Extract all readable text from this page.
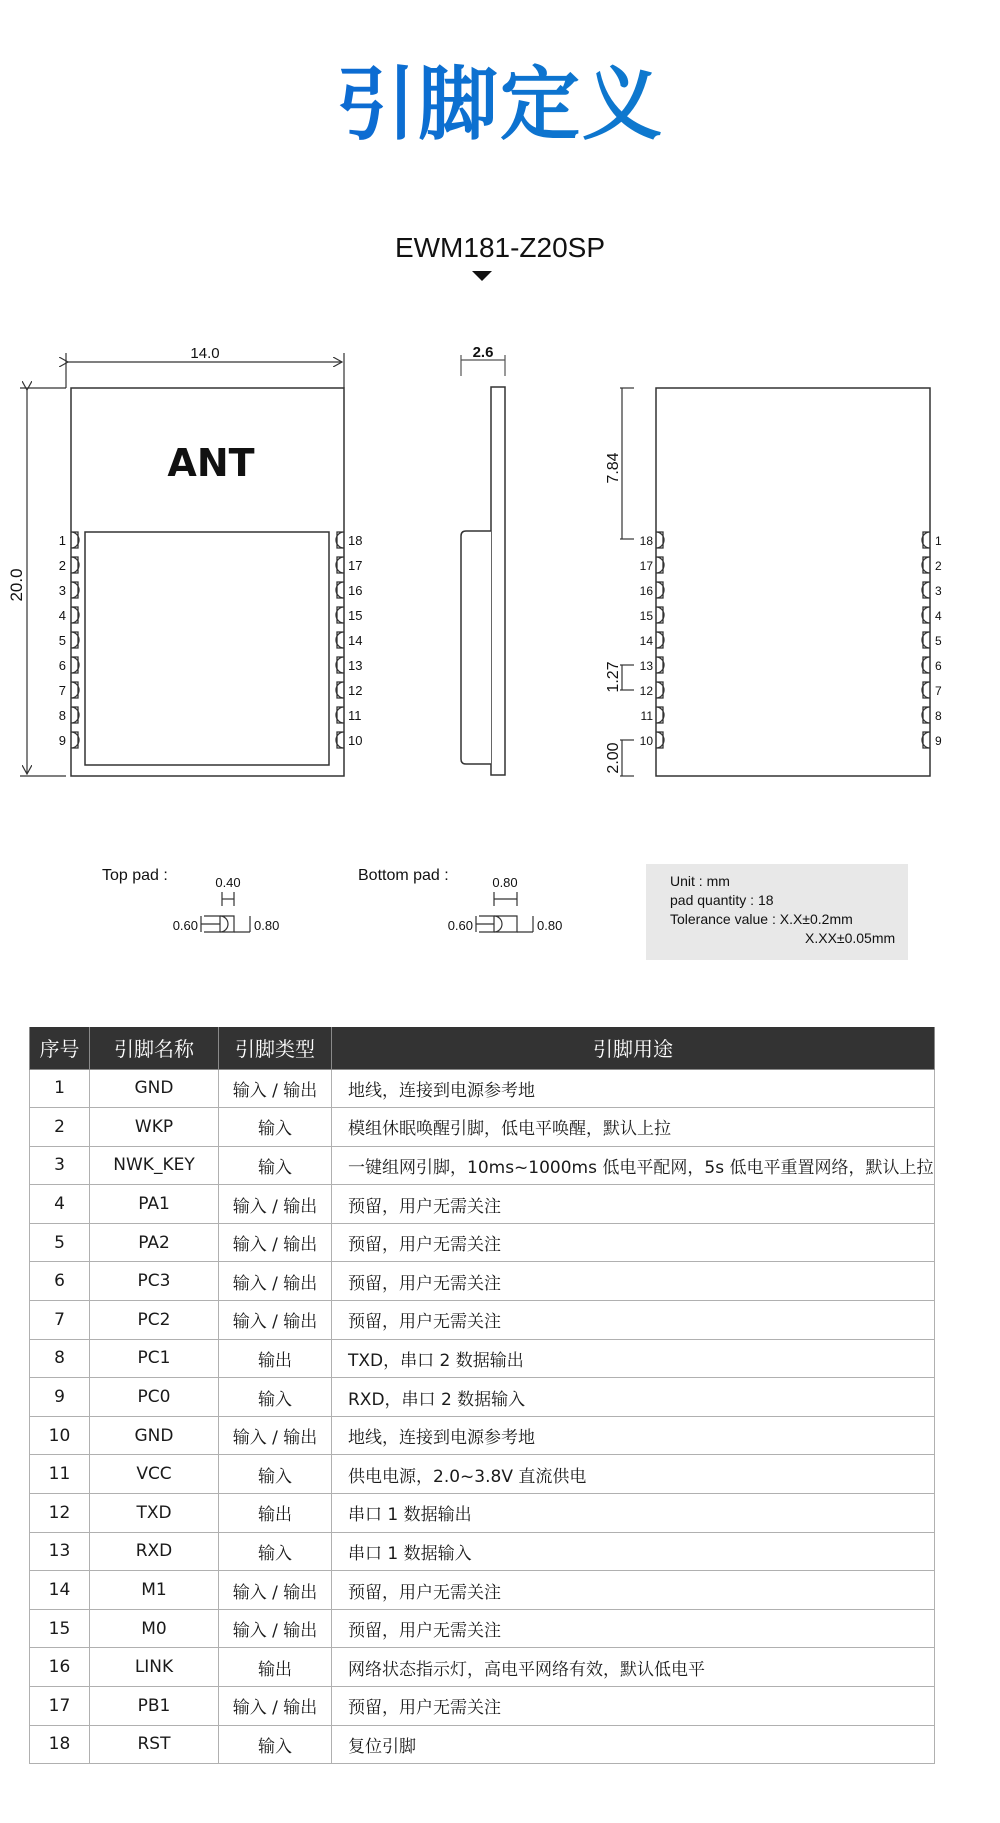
引脚定义
EWM181-Z20SP
14.0
20.0
ANT
1
2
3
4
5
6
7
8
9
18
17
16
15
14
13
12
11
10
2.6
7.84
1.27
2.00
18
17
16
15
14
13
12
11
10
1
2
3
4
5
6
7
8
9
Top pad :	0.40
0.60	0.80
Bottom pad :	0.80
0.60	0.80
Unit : mm
pad quantity : 18
Tolerance value : X.X±0.2mm
X.XX±0.05mm
序号	引脚名称	引脚类型	引脚用途
1	GND	输入 / 输出	地线，连接到电源参考地
2	WKP	输入	模组休眠唤醒引脚，低电平唤醒，默认上拉
3	NWK_KEY	输入	一键组网引脚，10ms~1000ms 低电平配网，5s 低电平重置网络，默认上拉
4	PA1	输入 / 输出	预留，用户无需关注
5	PA2	输入 / 输出	预留，用户无需关注
6	PC3	输入 / 输出	预留，用户无需关注
7	PC2	输入 / 输出	预留，用户无需关注
8	PC1	输出	TXD，串口 2 数据输出
9	PC0	输入	RXD，串口 2 数据输入
10	GND	输入 / 输出	地线，连接到电源参考地
11	VCC	输入	供电电源，2.0~3.8V 直流供电
12	TXD	输出	串口 1 数据输出
13	RXD	输入	串口 1 数据输入
14	M1	输入 / 输出	预留，用户无需关注
15	M0	输入 / 输出	预留，用户无需关注
16	LINK	输出	网络状态指示灯，高电平网络有效，默认低电平
17	PB1	输入 / 输出	预留，用户无需关注
18	RST	输入	复位引脚
